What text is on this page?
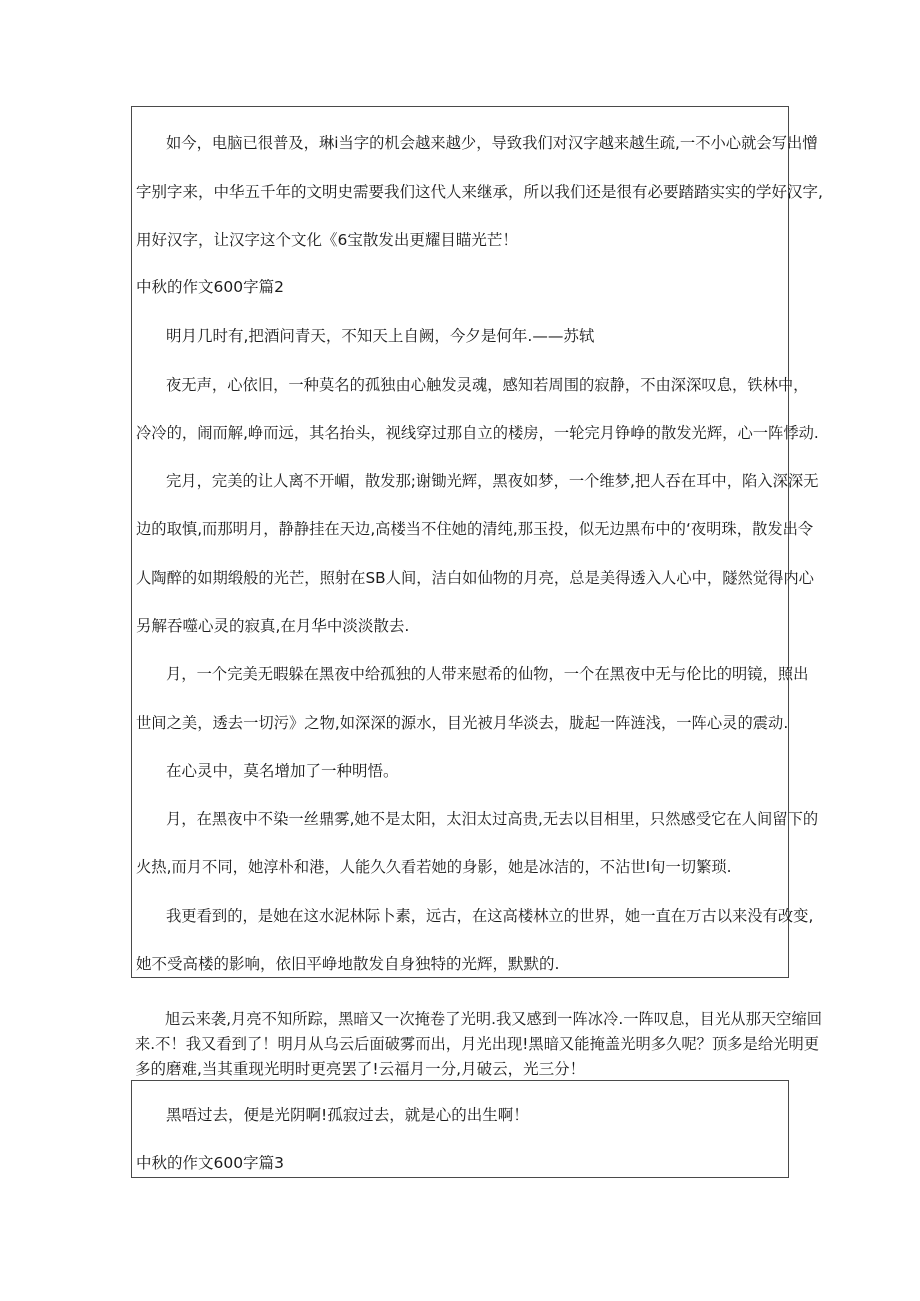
如今，电脑已很普及，琳i当字的机会越来越少，导致我们对汉字越来越生疏,一不小心就会写出憎
字别字来，中华五千年的文明史需要我们这代人来继承，所以我们还是很有必要踏踏实实的学好汉字,
用好汉字，让汉字这个文化《6宝散发出更耀目瞄光芒！
中秋的作文600字篇2
明月几时有,把酒问青天，不知天上自阙，今夕是何年.——苏轼
夜无声，心依旧，一种莫名的孤独由心触发灵魂，感知若周围的寂静，不由深深叹息，铁林中，
冷冷的，闹而解,峥而远，其名抬头，视线穿过那自立的楼房，一轮完月铮峥的散发光辉，心一阵悸动.
完月，完美的让人离不开嵋，散发那;谢锄光辉，黑夜如梦，一个维梦,把人吞在耳中，陷入深深无
边的取慎,而那明月，静静挂在天边,高楼当不住她的清纯,那玉投，似无边黑布中的‘夜明珠，散发出令
人陶醉的如期缎般的光芒，照射在SB人间，洁白如仙物的月亮，总是美得透入人心中，隧然觉得内心
另解吞噬心灵的寂真,在月华中淡淡散去.
月，一个完美无暇躲在黑夜中给孤独的人带来慰希的仙物，一个在黑夜中无与伦比的明镜，照出
世间之美，透去一切污》之物,如深深的源水，目光被月华淡去，胧起一阵涟浅，一阵心灵的震动.
在心灵中，莫名增加了一种明悟。
月，在黑夜中不染一丝鼎雾,她不是太阳，太汨太过高贵,无去以目相里，只然感受它在人间留下的
火热,而月不同，她淳朴和港，人能久久看若她的身影，她是冰洁的，不沾世I旬一切繁琐.
我更看到的，是她在这水泥林际卜素，远古，在这高楼林立的世界，她一直在万古以来没有改变,
她不受高楼的影响，依旧平峥地散发自身独特的光辉，默默的.
旭云来袭,月亮不知所踪，黑暗又一次掩卷了光明.我又感到一阵冰冷.一阵叹息，目光从那天空缩回
来.不！我又看到了！明月从乌云后面破雾而出，月光出现!黑暗又能掩盖光明多久呢？顶多是给光明更
多的磨难,当其重现光明时更亮罢了!云福月一分,月破云，光三分！
黑唔过去，便是光阴啊!孤寂过去，就是心的出生啊！
中秋的作文600字篇3
